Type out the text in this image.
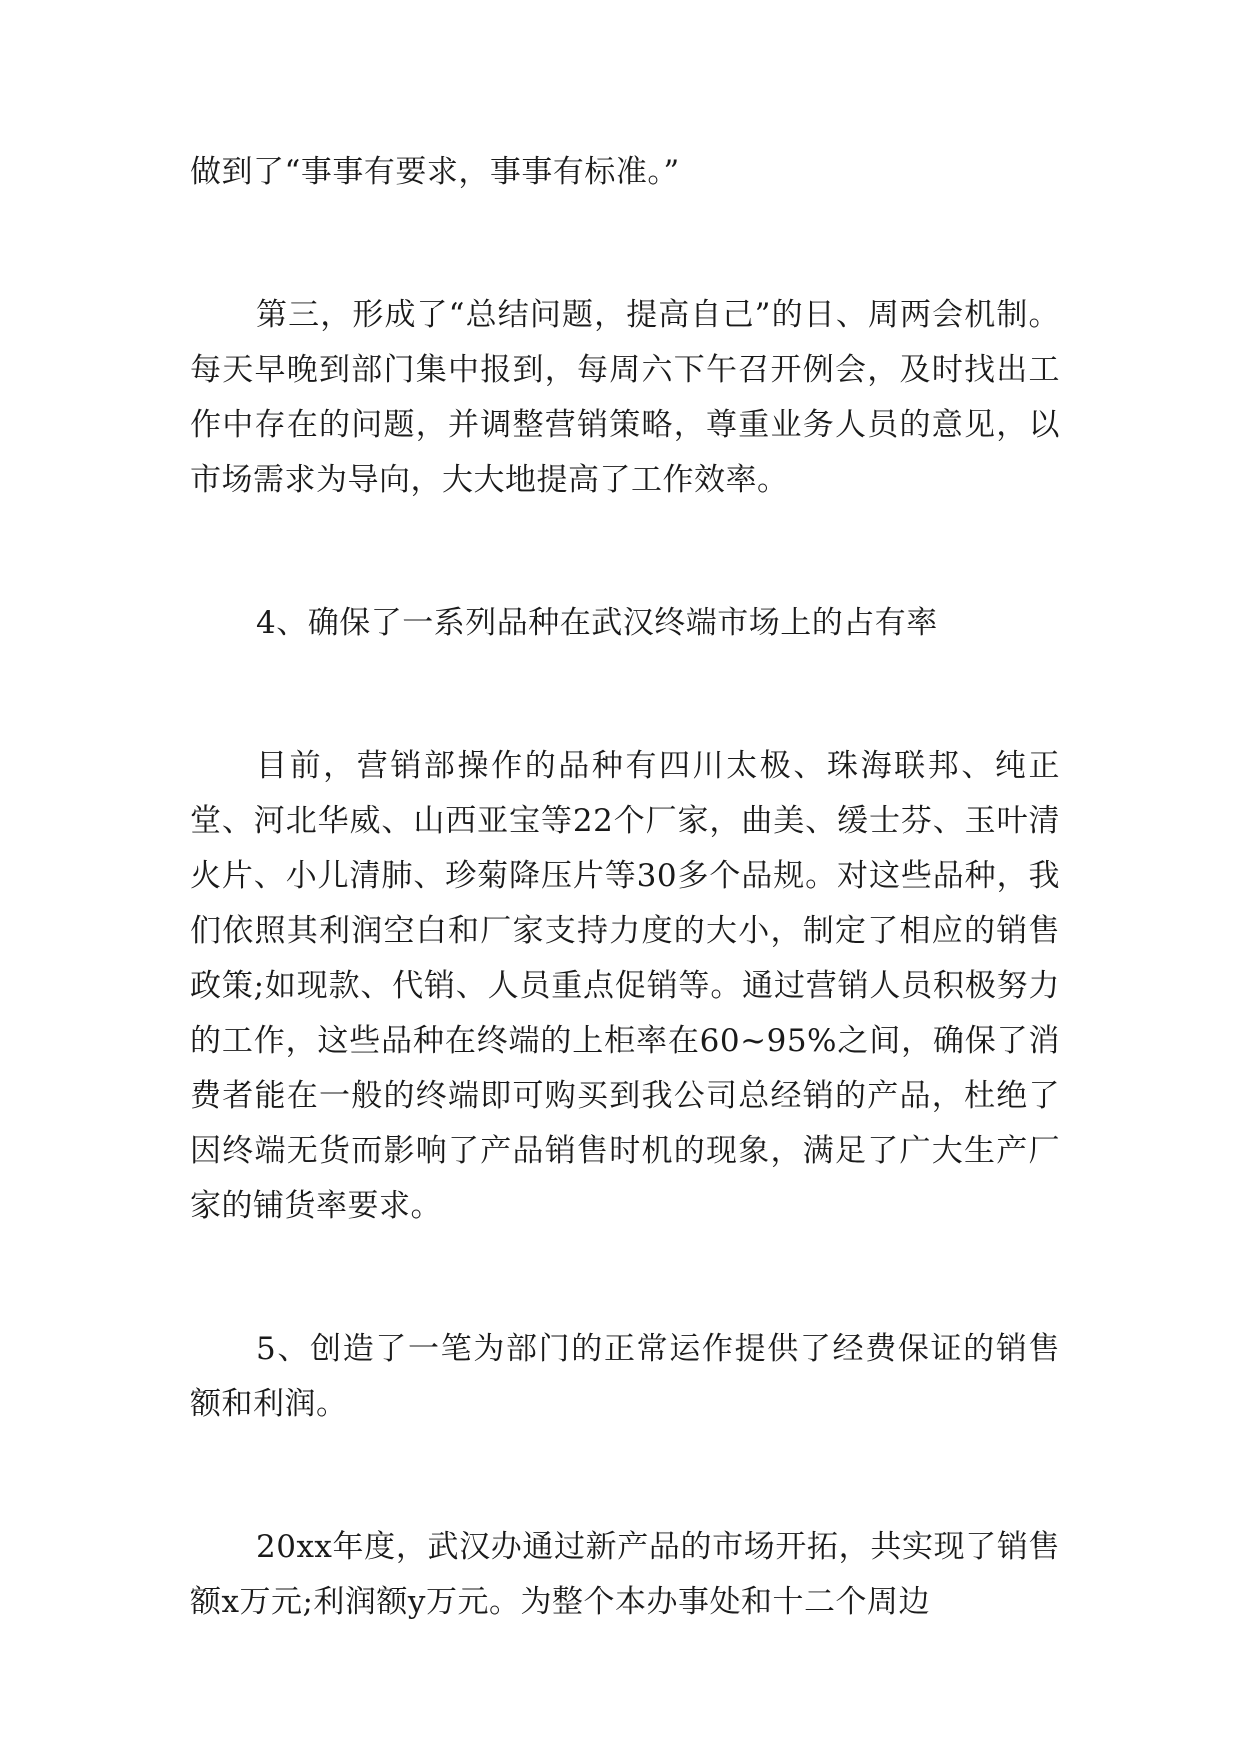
做到了“事事有要求，事事有标准。”

第三，形成了“总结问题，提高自己”的日、周两会机制。每天早晚到部门集中报到，每周六下午召开例会，及时找出工作中存在的问题，并调整营销策略，尊重业务人员的意见，以市场需求为导向，大大地提高了工作效率。

4、确保了一系列品种在武汉终端市场上的占有率

目前，营销部操作的品种有四川太极、珠海联邦、纯正堂、河北华威、山西亚宝等22个厂家，曲美、缓士芬、玉叶清火片、小儿清肺、珍菊降压片等30多个品规。对这些品种，我们依照其利润空白和厂家支持力度的大小，制定了相应的销售政策;如现款、代销、人员重点促销等。通过营销人员积极努力的工作，这些品种在终端的上柜率在60~95%之间，确保了消费者能在一般的终端即可购买到我公司总经销的产品，杜绝了因终端无货而影响了产品销售时机的现象，满足了广大生产厂家的铺货率要求。

5、创造了一笔为部门的正常运作提供了经费保证的销售额和利润。

20xx年度，武汉办通过新产品的市场开拓，共实现了销售额x万元;利润额y万元。为整个本办事处和十二个周边
